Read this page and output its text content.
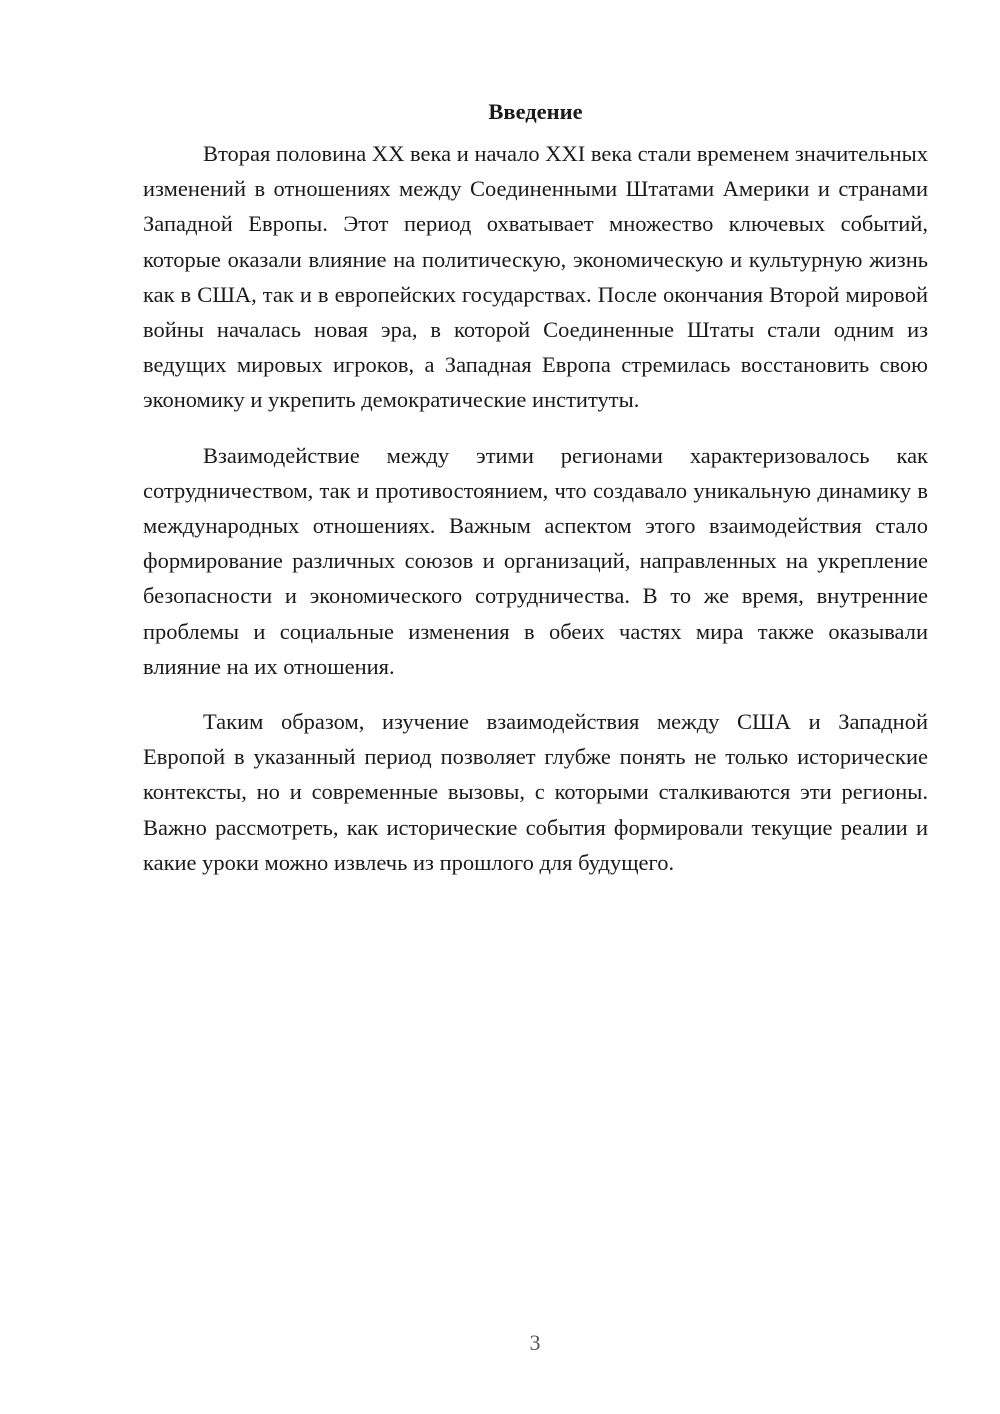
Введение

Вторая половина XX века и начало XXI века стали временем значительных изменений в отношениях между Соединенными Штатами Америки и странами Западной Европы. Этот период охватывает множество ключевых событий, которые оказали влияние на политическую, экономическую и культурную жизнь как в США, так и в европейских государствах. После окончания Второй мировой войны началась новая эра, в которой Соединенные Штаты стали одним из ведущих мировых игроков, а Западная Европа стремилась восстановить свою экономику и укрепить демократические институты.

Взаимодействие между этими регионами характеризовалось как сотрудничеством, так и противостоянием, что создавало уникальную динамику в международных отношениях. Важным аспектом этого взаимодействия стало формирование различных союзов и организаций, направленных на укрепление безопасности и экономического сотрудничества. В то же время, внутренние проблемы и социальные изменения в обеих частях мира также оказывали влияние на их отношения.

Таким образом, изучение взаимодействия между США и Западной Европой в указанный период позволяет глубже понять не только исторические контексты, но и современные вызовы, с которыми сталкиваются эти регионы. Важно рассмотреть, как исторические события формировали текущие реалии и какие уроки можно извлечь из прошлого для будущего.

3
